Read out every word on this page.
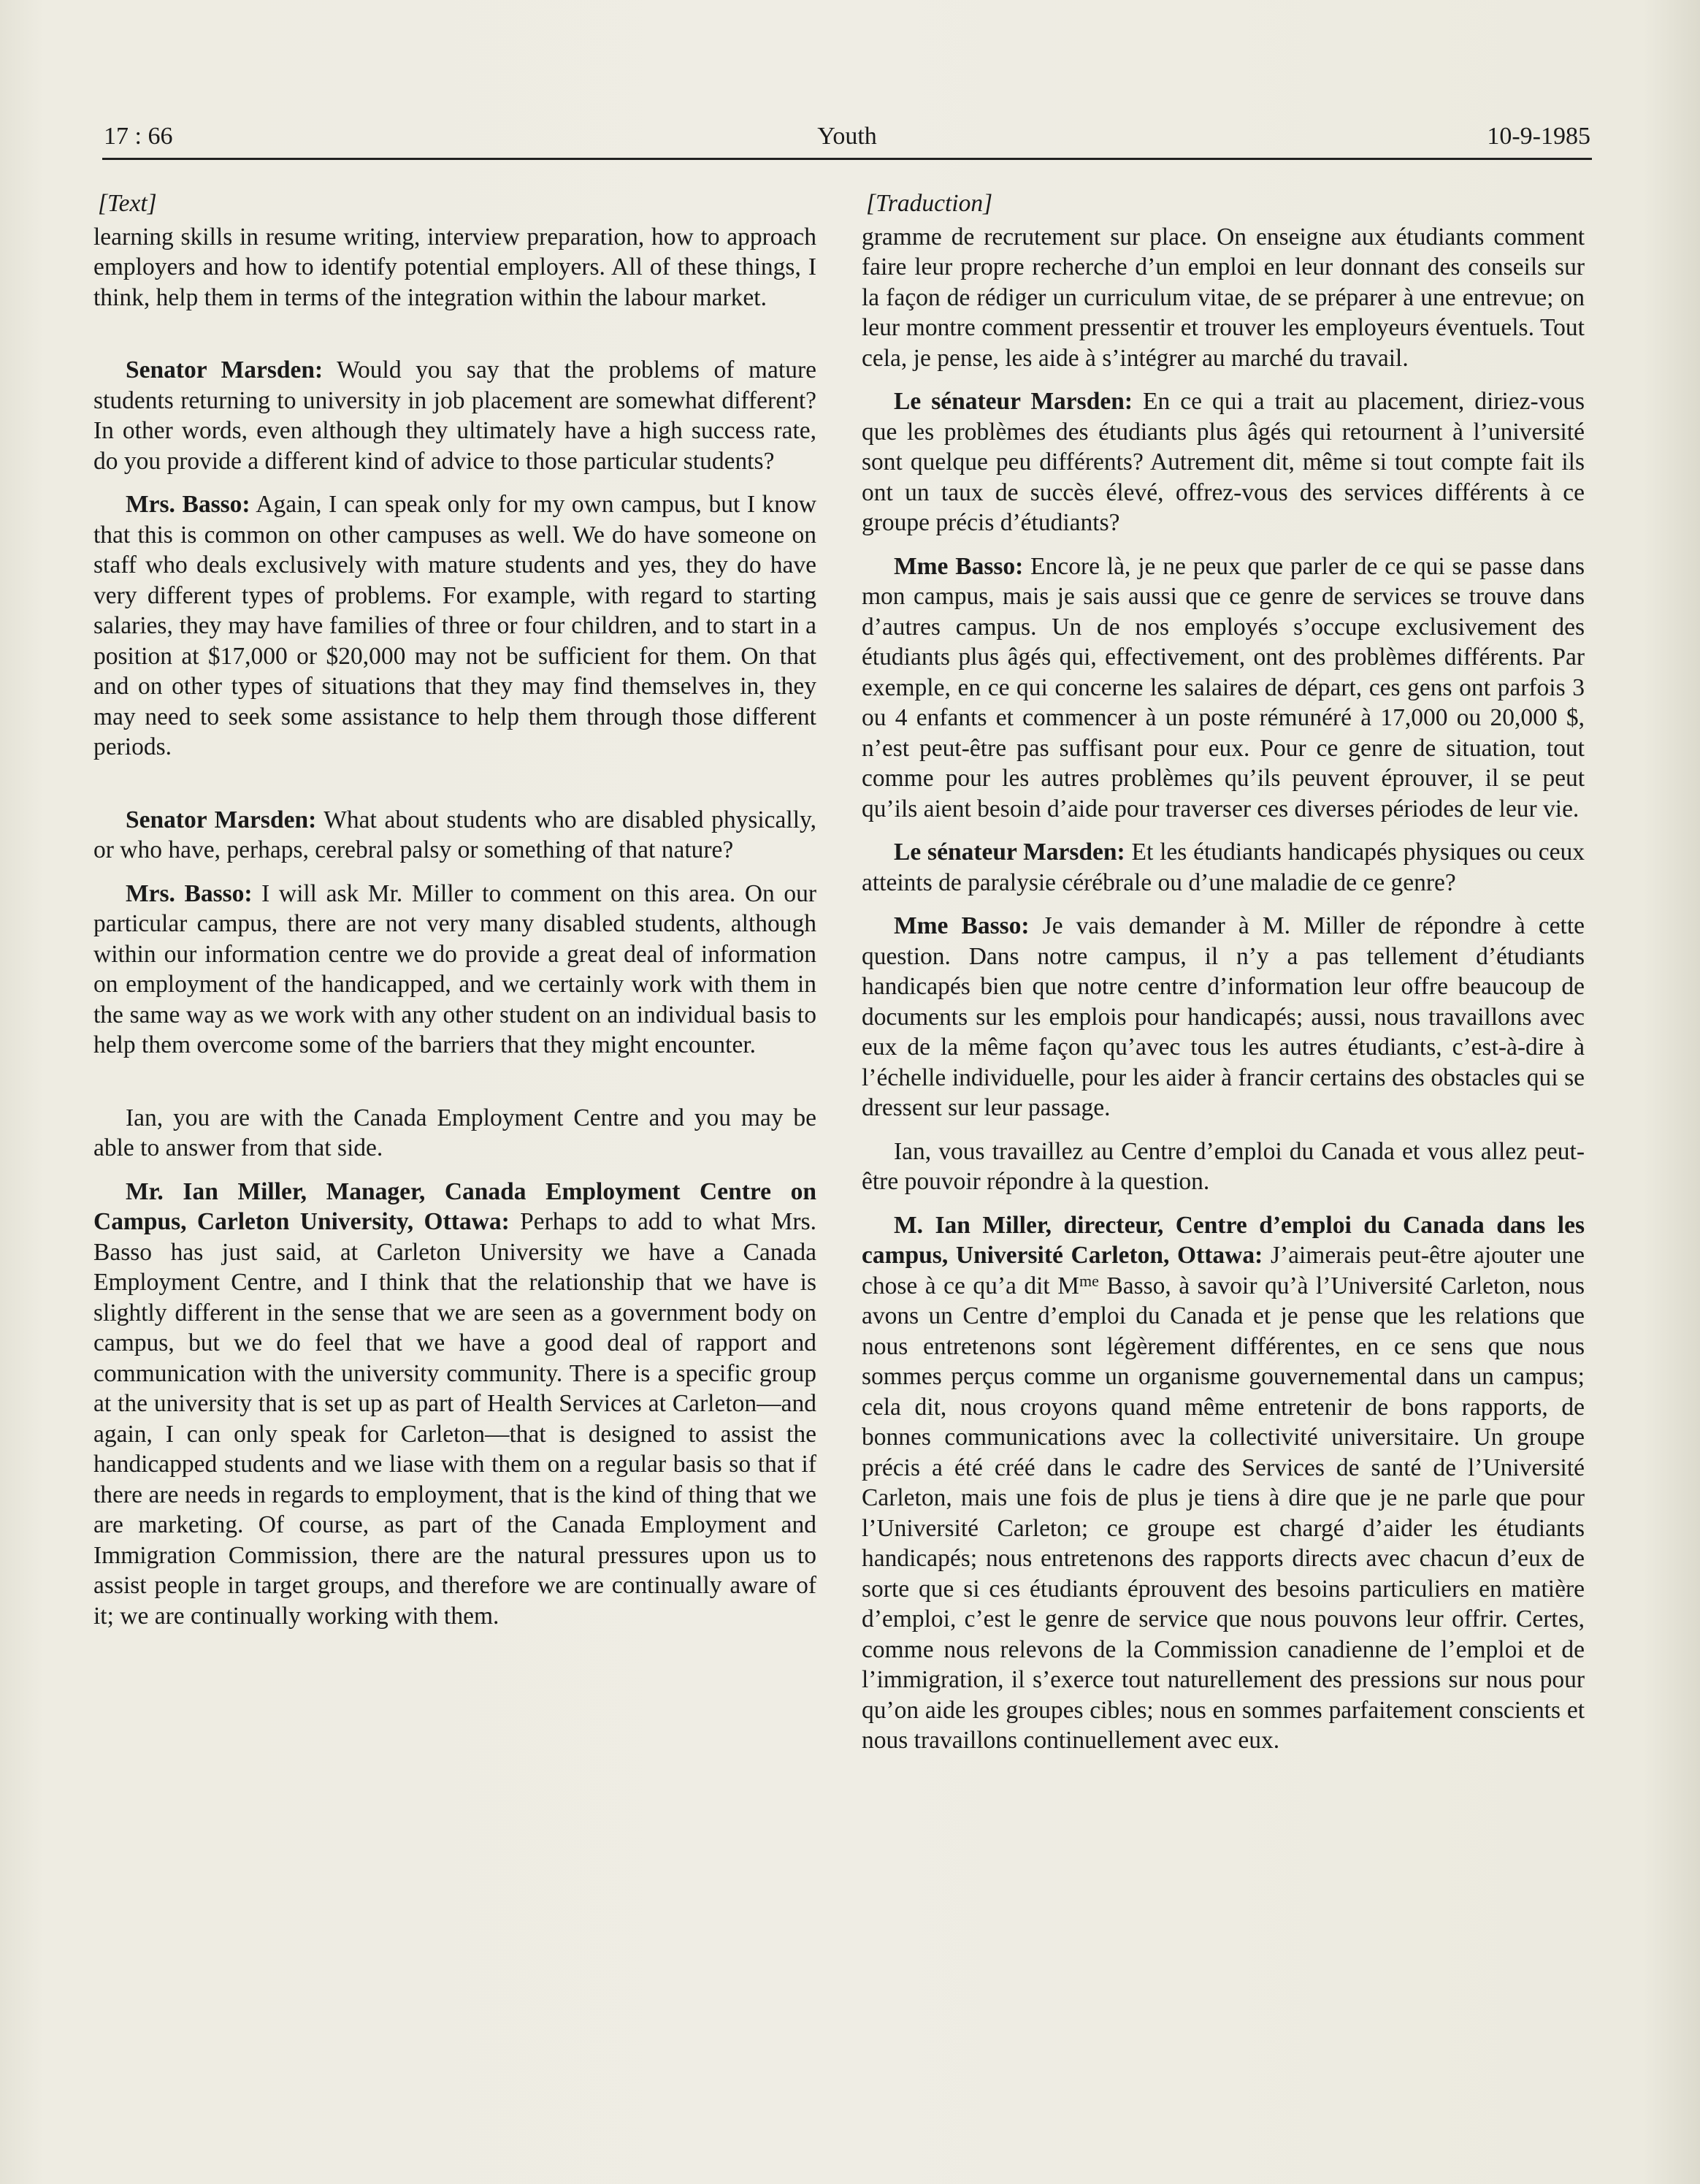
17 : 66	Youth	10-9-1985
[Text]

learning skills in resume writing, interview preparation, how to approach employers and how to identify potential employers. All of these things, I think, help them in terms of the integration within the labour market.

Senator Marsden: Would you say that the problems of mature students returning to university in job placement are somewhat different? In other words, even although they ultimately have a high success rate, do you provide a different kind of advice to those particular students?

Mrs. Basso: Again, I can speak only for my own campus, but I know that this is common on other campuses as well. We do have someone on staff who deals exclusively with mature students and yes, they do have very different types of problems. For example, with regard to starting salaries, they may have families of three or four children, and to start in a position at $17,000 or $20,000 may not be sufficient for them. On that and on other types of situations that they may find themselves in, they may need to seek some assistance to help them through those different periods.

Senator Marsden: What about students who are disabled physically, or who have, perhaps, cerebral palsy or something of that nature?

Mrs. Basso: I will ask Mr. Miller to comment on this area. On our particular campus, there are not very many disabled students, although within our information centre we do provide a great deal of information on employment of the handicapped, and we certainly work with them in the same way as we work with any other student on an individual basis to help them overcome some of the barriers that they might encounter.

Ian, you are with the Canada Employment Centre and you may be able to answer from that side.

Mr. Ian Miller, Manager, Canada Employment Centre on Campus, Carleton University, Ottawa: Perhaps to add to what Mrs. Basso has just said, at Carleton University we have a Canada Employment Centre, and I think that the relationship that we have is slightly different in the sense that we are seen as a government body on campus, but we do feel that we have a good deal of rapport and communication with the university community. There is a specific group at the university that is set up as part of Health Services at Carleton—and again, I can only speak for Carleton—that is designed to assist the handicapped students and we liase with them on a regular basis so that if there are needs in regards to employment, that is the kind of thing that we are marketing. Of course, as part of the Canada Employment and Immigration Commission, there are the natural pressures upon us to assist people in target groups, and therefore we are continually aware of it; we are continually working with them.

[Traduction]

gramme de recrutement sur place. On enseigne aux étudiants comment faire leur propre recherche d’un emploi en leur donnant des conseils sur la façon de rédiger un curriculum vitae, de se préparer à une entrevue; on leur montre comment pressentir et trouver les employeurs éventuels. Tout cela, je pense, les aide à s’intégrer au marché du travail.

Le sénateur Marsden: En ce qui a trait au placement, diriez-vous que les problèmes des étudiants plus âgés qui retournent à l’université sont quelque peu différents? Autrement dit, même si tout compte fait ils ont un taux de succès élevé, offrez-vous des services différents à ce groupe précis d’étudiants?

Mme Basso: Encore là, je ne peux que parler de ce qui se passe dans mon campus, mais je sais aussi que ce genre de services se trouve dans d’autres campus. Un de nos employés s’occupe exclusivement des étudiants plus âgés qui, effectivement, ont des problèmes différents. Par exemple, en ce qui concerne les salaires de départ, ces gens ont parfois 3 ou 4 enfants et commencer à un poste rémunéré à 17,000 ou 20,000 $, n’est peut-être pas suffisant pour eux. Pour ce genre de situation, tout comme pour les autres problèmes qu’ils peuvent éprouver, il se peut qu’ils aient besoin d’aide pour traverser ces diverses périodes de leur vie.

Le sénateur Marsden: Et les étudiants handicapés physiques ou ceux atteints de paralysie cérébrale ou d’une maladie de ce genre?

Mme Basso: Je vais demander à M. Miller de répondre à cette question. Dans notre campus, il n’y a pas tellement d’étudiants handicapés bien que notre centre d’information leur offre beaucoup de documents sur les emplois pour handicapés; aussi, nous travaillons avec eux de la même façon qu’avec tous les autres étudiants, c’est-à-dire à l’échelle individuelle, pour les aider à francir certains des obstacles qui se dressent sur leur passage.

Ian, vous travaillez au Centre d’emploi du Canada et vous allez peut-être pouvoir répondre à la question.

M. Ian Miller, directeur, Centre d’emploi du Canada dans les campus, Université Carleton, Ottawa: J’aimerais peut-être ajouter une chose à ce qu’a dit $M^{me}$ Basso, à savoir qu’à l’Université Carleton, nous avons un Centre d’emploi du Canada et je pense que les relations que nous entretenons sont légèrement différentes, en ce sens que nous sommes perçus comme un organisme gouvernemental dans un campus; cela dit, nous croyons quand même entretenir de bons rapports, de bonnes communications avec la collectivité universitaire. Un groupe précis a été créé dans le cadre des Services de santé de l’Université Carleton, mais une fois de plus je tiens à dire que je ne parle que pour l’Université Carleton; ce groupe est chargé d’aider les étudiants handicapés; nous entretenons des rapports directs avec chacun d’eux de sorte que si ces étudiants éprouvent des besoins particuliers en matière d’emploi, c’est le genre de service que nous pouvons leur offrir. Certes, comme nous relevons de la Commission canadienne de l’emploi et de l’immigration, il s’exerce tout naturellement des pressions sur nous pour qu’on aide les groupes cibles; nous en sommes parfaitement conscients et nous travaillons continuellement avec eux.
